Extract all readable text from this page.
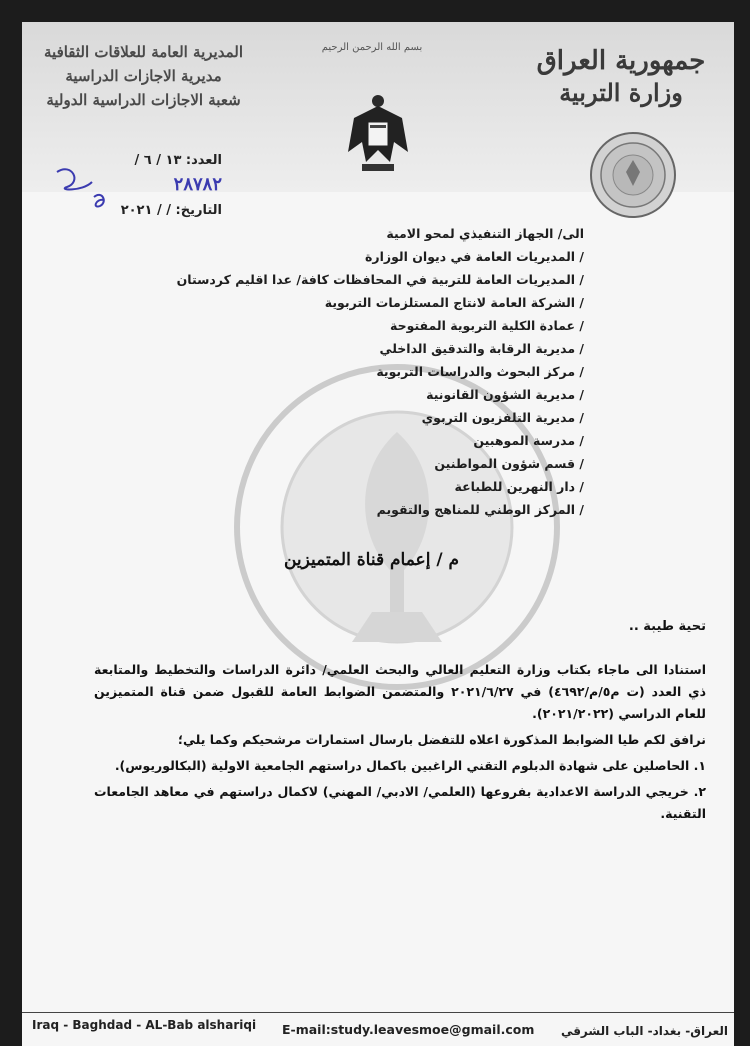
جمهورية العراق
وزارة التربية
المديرية العامة للعلاقات الثقافية
مديرية الاجازات الدراسية
شعبة الاجازات الدراسية الدولية
بسم الله الرحمن الرحيم
العدد: ١٣ / ٦ / ٢٨٧٨٢
التاريخ: / / ٢٠٢١
الى/ الجهاز التنفيذي لمحو الامية
/ المديريات العامة في ديوان الوزارة
/ المديريات العامة للتربية في المحافظات كافة/ عدا اقليم كردستان
/ الشركة العامة لانتاج المستلزمات التربوية
/ عمادة الكلية التربوية المفتوحة
/ مديرية الرقابة والتدقيق الداخلي
/ مركز البحوث والدراسات التربوية
/ مديرية الشؤون القانونية
/ مديرية التلفزيون التربوي
/ مدرسة الموهبين
/ قسم شؤون المواطنين
/ دار النهرين للطباعة
/ المركز الوطني للمناهج والتقويم
م / إعمام قناة المتميزين
تحية طيبة ..
استنادا الى ماجاء بكتاب وزارة التعليم العالي والبحث العلمي/ دائرة الدراسات والتخطيط والمتابعة ذي العدد (ت م٥/م/٤٦٩٢) في ٢٠٢١/٦/٢٧ والمتضمن الضوابط العامة للقبول ضمن قناة المتميزين للعام الدراسي (٢٠٢١/٢٠٢٢).
نرافق لكم طيا الضوابط المذكورة اعلاه للتفضل بارسال استمارات مرشحيكم وكما يلي؛
١. الحاصلين على شهادة الدبلوم التقني الراغبين باكمال دراستهم الجامعية الاولية (البكالوريوس).
٢. خريجي الدراسة الاعدادية بفروعها (العلمي/ الادبي/ المهني) لاكمال دراستهم في معاهد الجامعات التقنية.
Iraq - Baghdad - AL-Bab alshariqi E-mail:study.leavesmoe@gmail.com العراق- بغداد- الباب الشرقي
